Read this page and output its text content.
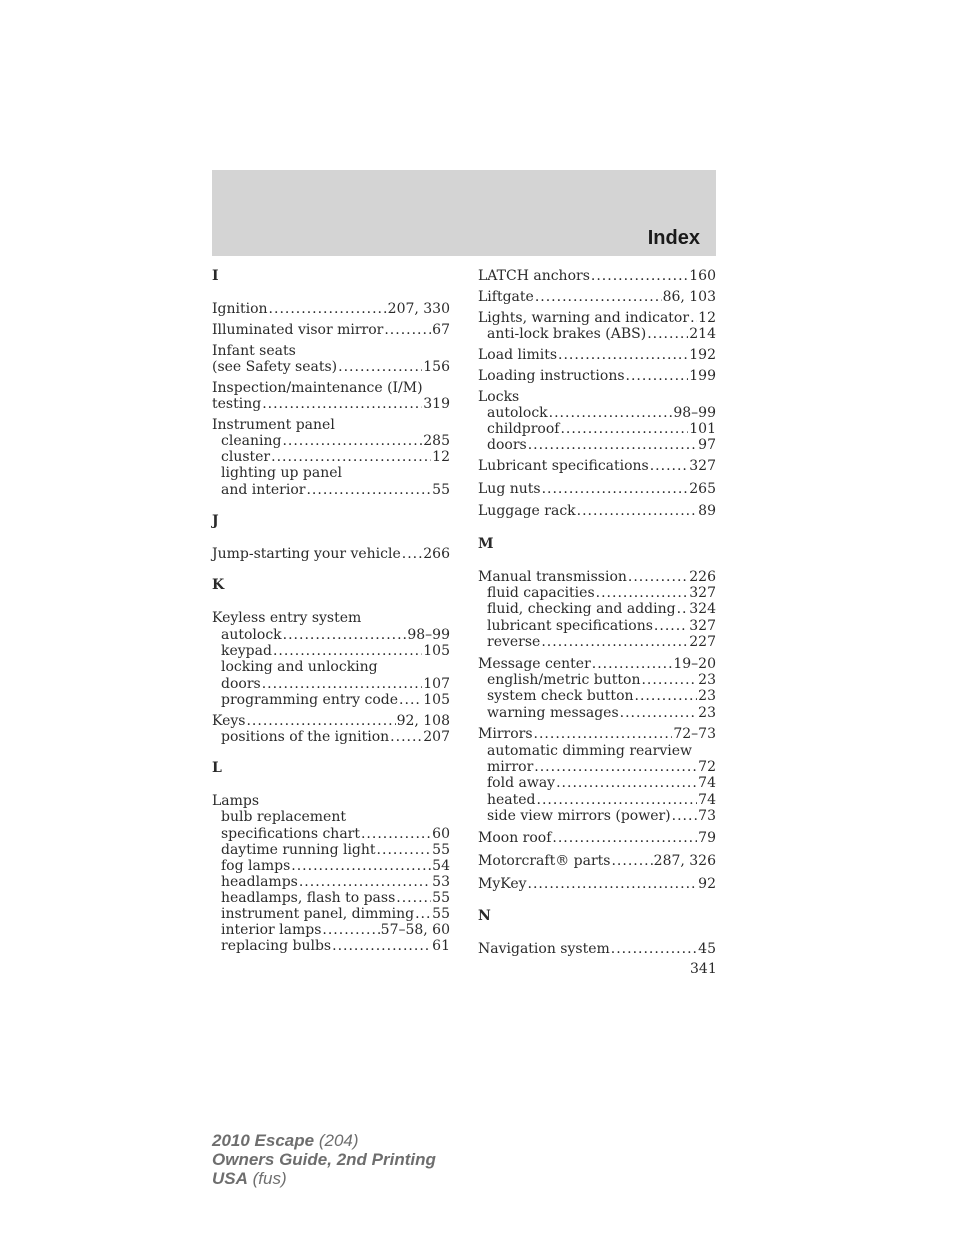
Index
I
Ignition .....	207, 330
Illuminated visor mirror .....	67
Infant seats
(see Safety seats) .....	156
Inspection/maintenance (I/M)
testing .....	319
Instrument panel
cleaning .....	285
cluster .....	12
lighting up panel
and interior .....	55
J
Jump-starting your vehicle ..... 266
K
Keyless entry system
autolock .....	98–99
keypad .....	105
locking and unlocking
doors .....	107
programming entry code ..... 105
Keys .....	92, 108
positions of the ignition ..... 207
L
Lamps
bulb replacement
specifications chart .....	60
daytime running light .....	55
fog lamps .....	54
headlamps .....	53
headlamps, flash to pass .....	55
instrument panel, dimming ..... 55
interior lamps .....	57–58, 60
replacing bulbs .....	61
LATCH anchors .....	160
Liftgate .....	86, 103
Lights, warning and indicator ..... 12
anti-lock brakes (ABS) .....	214
Load limits .....	192
Loading instructions .....	199
Locks
autolock .....	98–99
childproof .....	101
doors .....	97
Lubricant specifications .....	327
Lug nuts .....	265
Luggage rack .....	89
M
Manual transmission .....	226
fluid capacities .....	327
fluid, checking and adding ..... 324
lubricant specifications .....	327
reverse .....	227
Message center .....	19–20
english/metric button .....	23
system check button .....	23
warning messages .....	23
Mirrors .....	72–73
automatic dimming rearview
mirror .....	72
fold away .....	74
heated .....	74
side view mirrors (power) ..... 73
Moon roof .....	79
Motorcraft® parts .....	287, 326
MyKey .....	92
N
Navigation system .....	45
341
2010 Escape (204)
Owners Guide, 2nd Printing
USA (fus)
